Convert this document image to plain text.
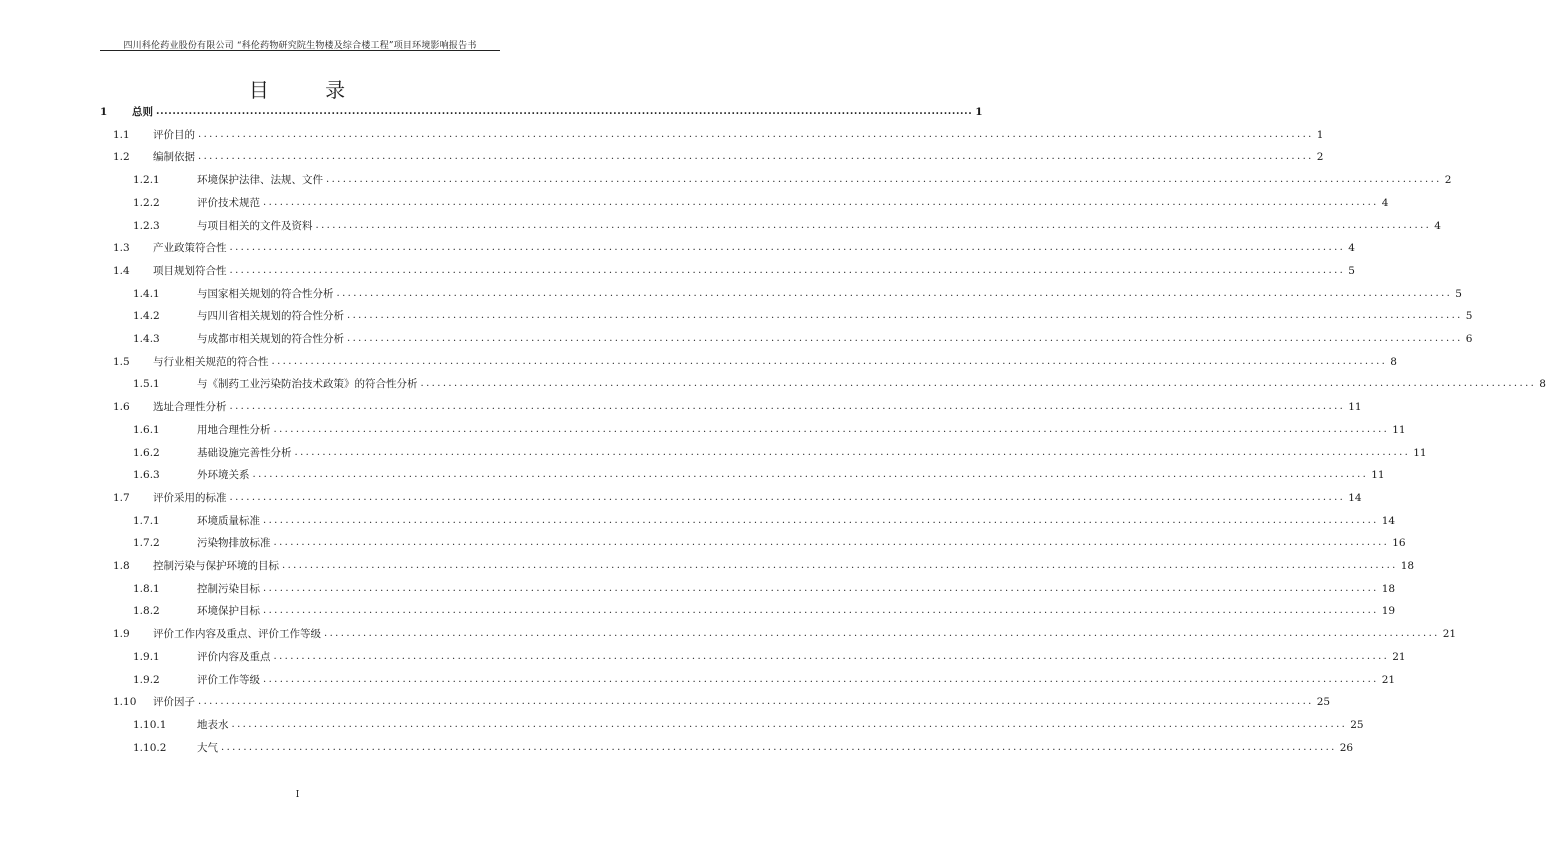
四川科伦药业股份有限公司 “科伦药物研究院生物楼及综合楼工程”项目环境影响报告书
目 录
1	总则 ........................................................................................................................................................................................................ 1
1.1	评价目的 ........................................................................................................................................................................................................ 1
1.2	编制依据 ........................................................................................................................................................................................................ 2
1.2.1	环境保护法律、法规、文件 ........................................................................................................................................................................................................ 2
1.2.2	评价技术规范 ........................................................................................................................................................................................................ 4
1.2.3	与项目相关的文件及资料 ........................................................................................................................................................................................................ 4
1.3	产业政策符合性 ........................................................................................................................................................................................................ 4
1.4	项目规划符合性 ........................................................................................................................................................................................................ 5
1.4.1	与国家相关规划的符合性分析 ........................................................................................................................................................................................................ 5
1.4.2	与四川省相关规划的符合性分析 ........................................................................................................................................................................................................ 5
1.4.3	与成都市相关规划的符合性分析 ........................................................................................................................................................................................................ 6
1.5	与行业相关规范的符合性 ........................................................................................................................................................................................................ 8
1.5.1	与《制药工业污染防治技术政策》的符合性分析 ........................................................................................................................................................................................................ 8
1.6	选址合理性分析 ........................................................................................................................................................................................................ 11
1.6.1	用地合理性分析 ........................................................................................................................................................................................................ 11
1.6.2	基础设施完善性分析 ........................................................................................................................................................................................................ 11
1.6.3	外环境关系 ........................................................................................................................................................................................................ 11
1.7	评价采用的标准 ........................................................................................................................................................................................................ 14
1.7.1	环境质量标准 ........................................................................................................................................................................................................ 14
1.7.2	污染物排放标准 ........................................................................................................................................................................................................ 16
1.8	控制污染与保护环境的目标 ........................................................................................................................................................................................................ 18
1.8.1	控制污染目标 ........................................................................................................................................................................................................ 18
1.8.2	环境保护目标 ........................................................................................................................................................................................................ 19
1.9	评价工作内容及重点、评价工作等级 ........................................................................................................................................................................................................ 21
1.9.1	评价内容及重点 ........................................................................................................................................................................................................ 21
1.9.2	评价工作等级 ........................................................................................................................................................................................................ 21
1.10	评价因子 ........................................................................................................................................................................................................ 25
1.10.1	地表水 ........................................................................................................................................................................................................ 25
1.10.2	大气 ........................................................................................................................................................................................................ 26
I
